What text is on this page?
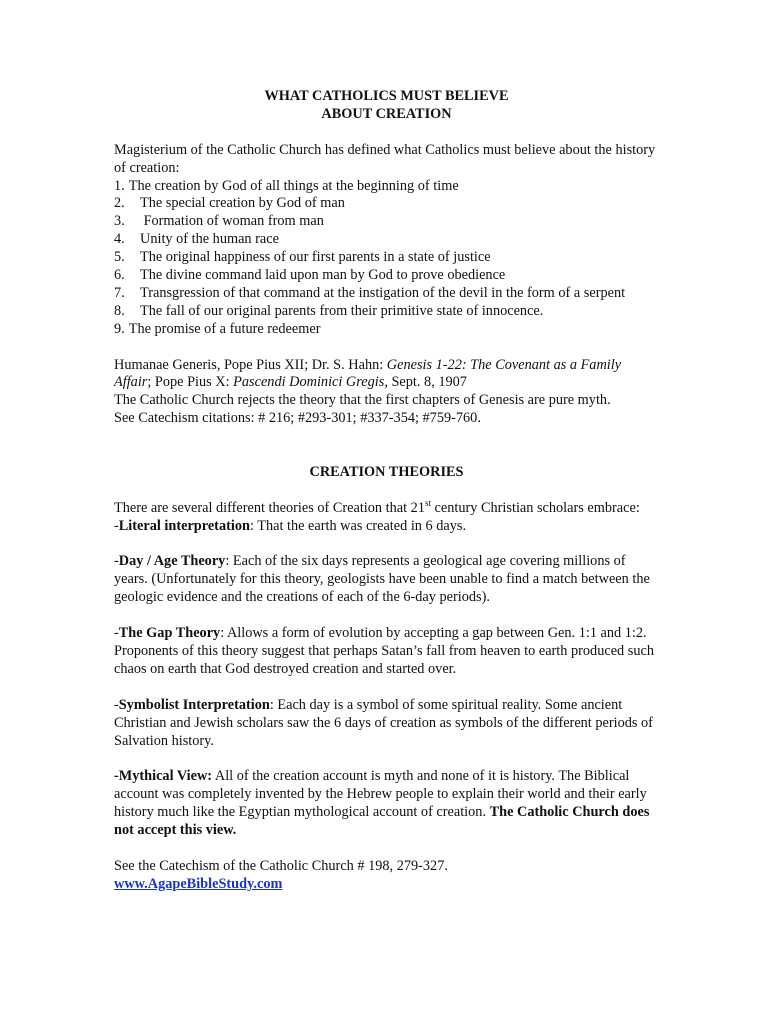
WHAT CATHOLICS MUST BELIEVE
ABOUT CREATION
Magisterium of the Catholic Church has defined what Catholics must believe about the history of creation:
1. The creation by God of all things at the beginning of time
2. The special creation by God of man
3. Formation of woman from man
4. Unity of the human race
5. The original happiness of our first parents in a state of justice
6. The divine command laid upon man by God to prove obedience
7. Transgression of that command at the instigation of the devil in the form of a serpent
8. The fall of our original parents from their primitive state of innocence.
9. The promise of a future redeemer
Humanae Generis, Pope Pius XII; Dr. S. Hahn: Genesis 1-22: The Covenant as a Family Affair; Pope Pius X: Pascendi Dominici Gregis, Sept. 8, 1907
The Catholic Church rejects the theory that the first chapters of Genesis are pure myth.
See Catechism citations: # 216; #293-301; #337-354; #759-760.
CREATION THEORIES
There are several different theories of Creation that 21st century Christian scholars embrace:
-Literal interpretation: That the earth was created in 6 days.
-Day / Age Theory: Each of the six days represents a geological age covering millions of years. (Unfortunately for this theory, geologists have been unable to find a match between the geologic evidence and the creations of each of the 6-day periods).
-The Gap Theory: Allows a form of evolution by accepting a gap between Gen. 1:1 and 1:2. Proponents of this theory suggest that perhaps Satan’s fall from heaven to earth produced such chaos on earth that God destroyed creation and started over.
-Symbolist Interpretation: Each day is a symbol of some spiritual reality. Some ancient Christian and Jewish scholars saw the 6 days of creation as symbols of the different periods of Salvation history.
-Mythical View: All of the creation account is myth and none of it is history. The Biblical account was completely invented by the Hebrew people to explain their world and their early history much like the Egyptian mythological account of creation. The Catholic Church does not accept this view.
See the Catechism of the Catholic Church # 198, 279-327.
www.AgapeBibleStudy.com
